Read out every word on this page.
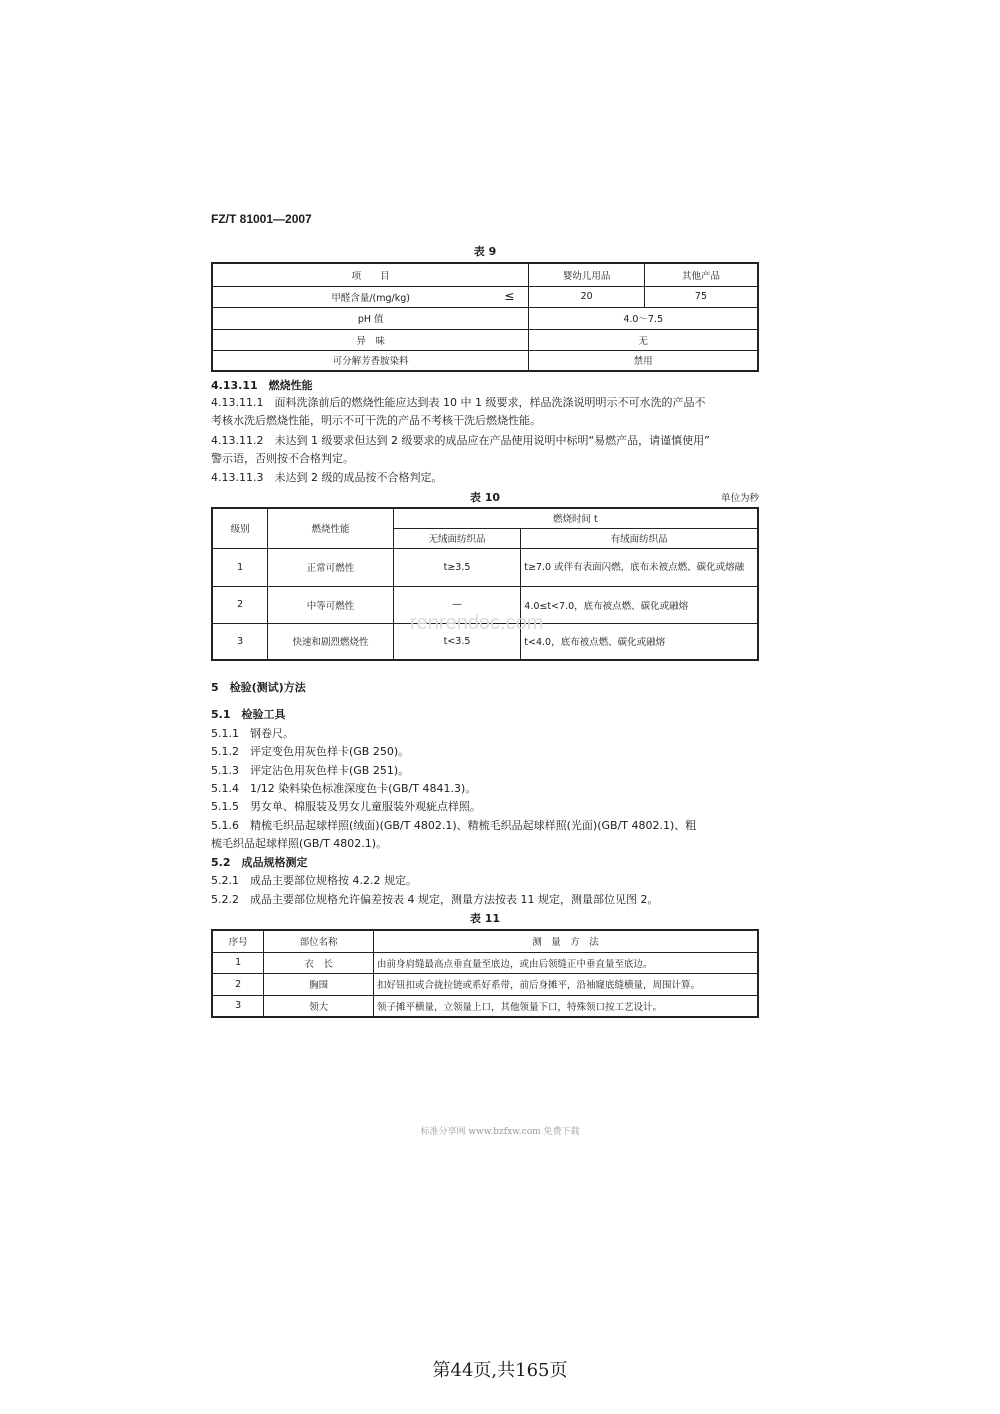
FZ/T 81001—2007
表 9
项　　目	婴幼儿用品	其他产品
甲醛含量/(mg/kg) ≤	20	75
pH 值	4.0～7.5	
异　味	无	
可分解芳香胺染料	禁用	
4.13.11　燃烧性能
4.13.11.1　面料洗涤前后的燃烧性能应达到表 10 中 1 级要求，样品洗涤说明明示不可水洗的产品不
考核水洗后燃烧性能，明示不可干洗的产品不考核干洗后燃烧性能。
4.13.11.2　未达到 1 级要求但达到 2 级要求的成品应在产品使用说明中标明“易燃产品，请谨慎使用”
警示语，否则按不合格判定。
4.13.11.3　未达到 2 级的成品按不合格判定。
表 10	单位为秒
级别	燃烧性能	燃烧时间 t	
		无绒面纺织品	有绒面纺织品
1	正常可燃性	t≥3.5	t≥7.0 或伴有表面闪燃，底布未被点燃、碳化或熔融
2	中等可燃性	—	4.0≤t<7.0，底布被点燃、碳化或融熔
3	快速和剧烈燃烧性	t<3.5	t<4.0，底布被点燃、碳化或融熔
renrendoc.com
5　检验(测试)方法
5.1　检验工具
5.1.1　钢卷尺。
5.1.2　评定变色用灰色样卡(GB 250)。
5.1.3　评定沾色用灰色样卡(GB 251)。
5.1.4　1/12 染料染色标准深度色卡(GB/T 4841.3)。
5.1.5　男女单、棉服装及男女儿童服装外观疵点样照。
5.1.6　精梳毛织品起球样照(绒面)(GB/T 4802.1)、精梳毛织品起球样照(光面)(GB/T 4802.1)、粗
梳毛织品起球样照(GB/T 4802.1)。
5.2　成品规格测定
5.2.1　成品主要部位规格按 4.2.2 规定。
5.2.2　成品主要部位规格允许偏差按表 4 规定，测量方法按表 11 规定，测量部位见图 2。
表 11
序号	部位名称	测　量　方　法
1	衣　长	由前身肩缝最高点垂直量至底边，或由后领缝正中垂直量至底边。
2	胸围	扣好钮扣或合拢拉链或系好系带，前后身摊平，沿袖窿底缝横量，周围计算。
3	领大	领子摊平横量，立领量上口，其他领量下口，特殊领口按工艺设计。
标准分享网 www.bzfxw.com 免费下载
第44页,共165页
